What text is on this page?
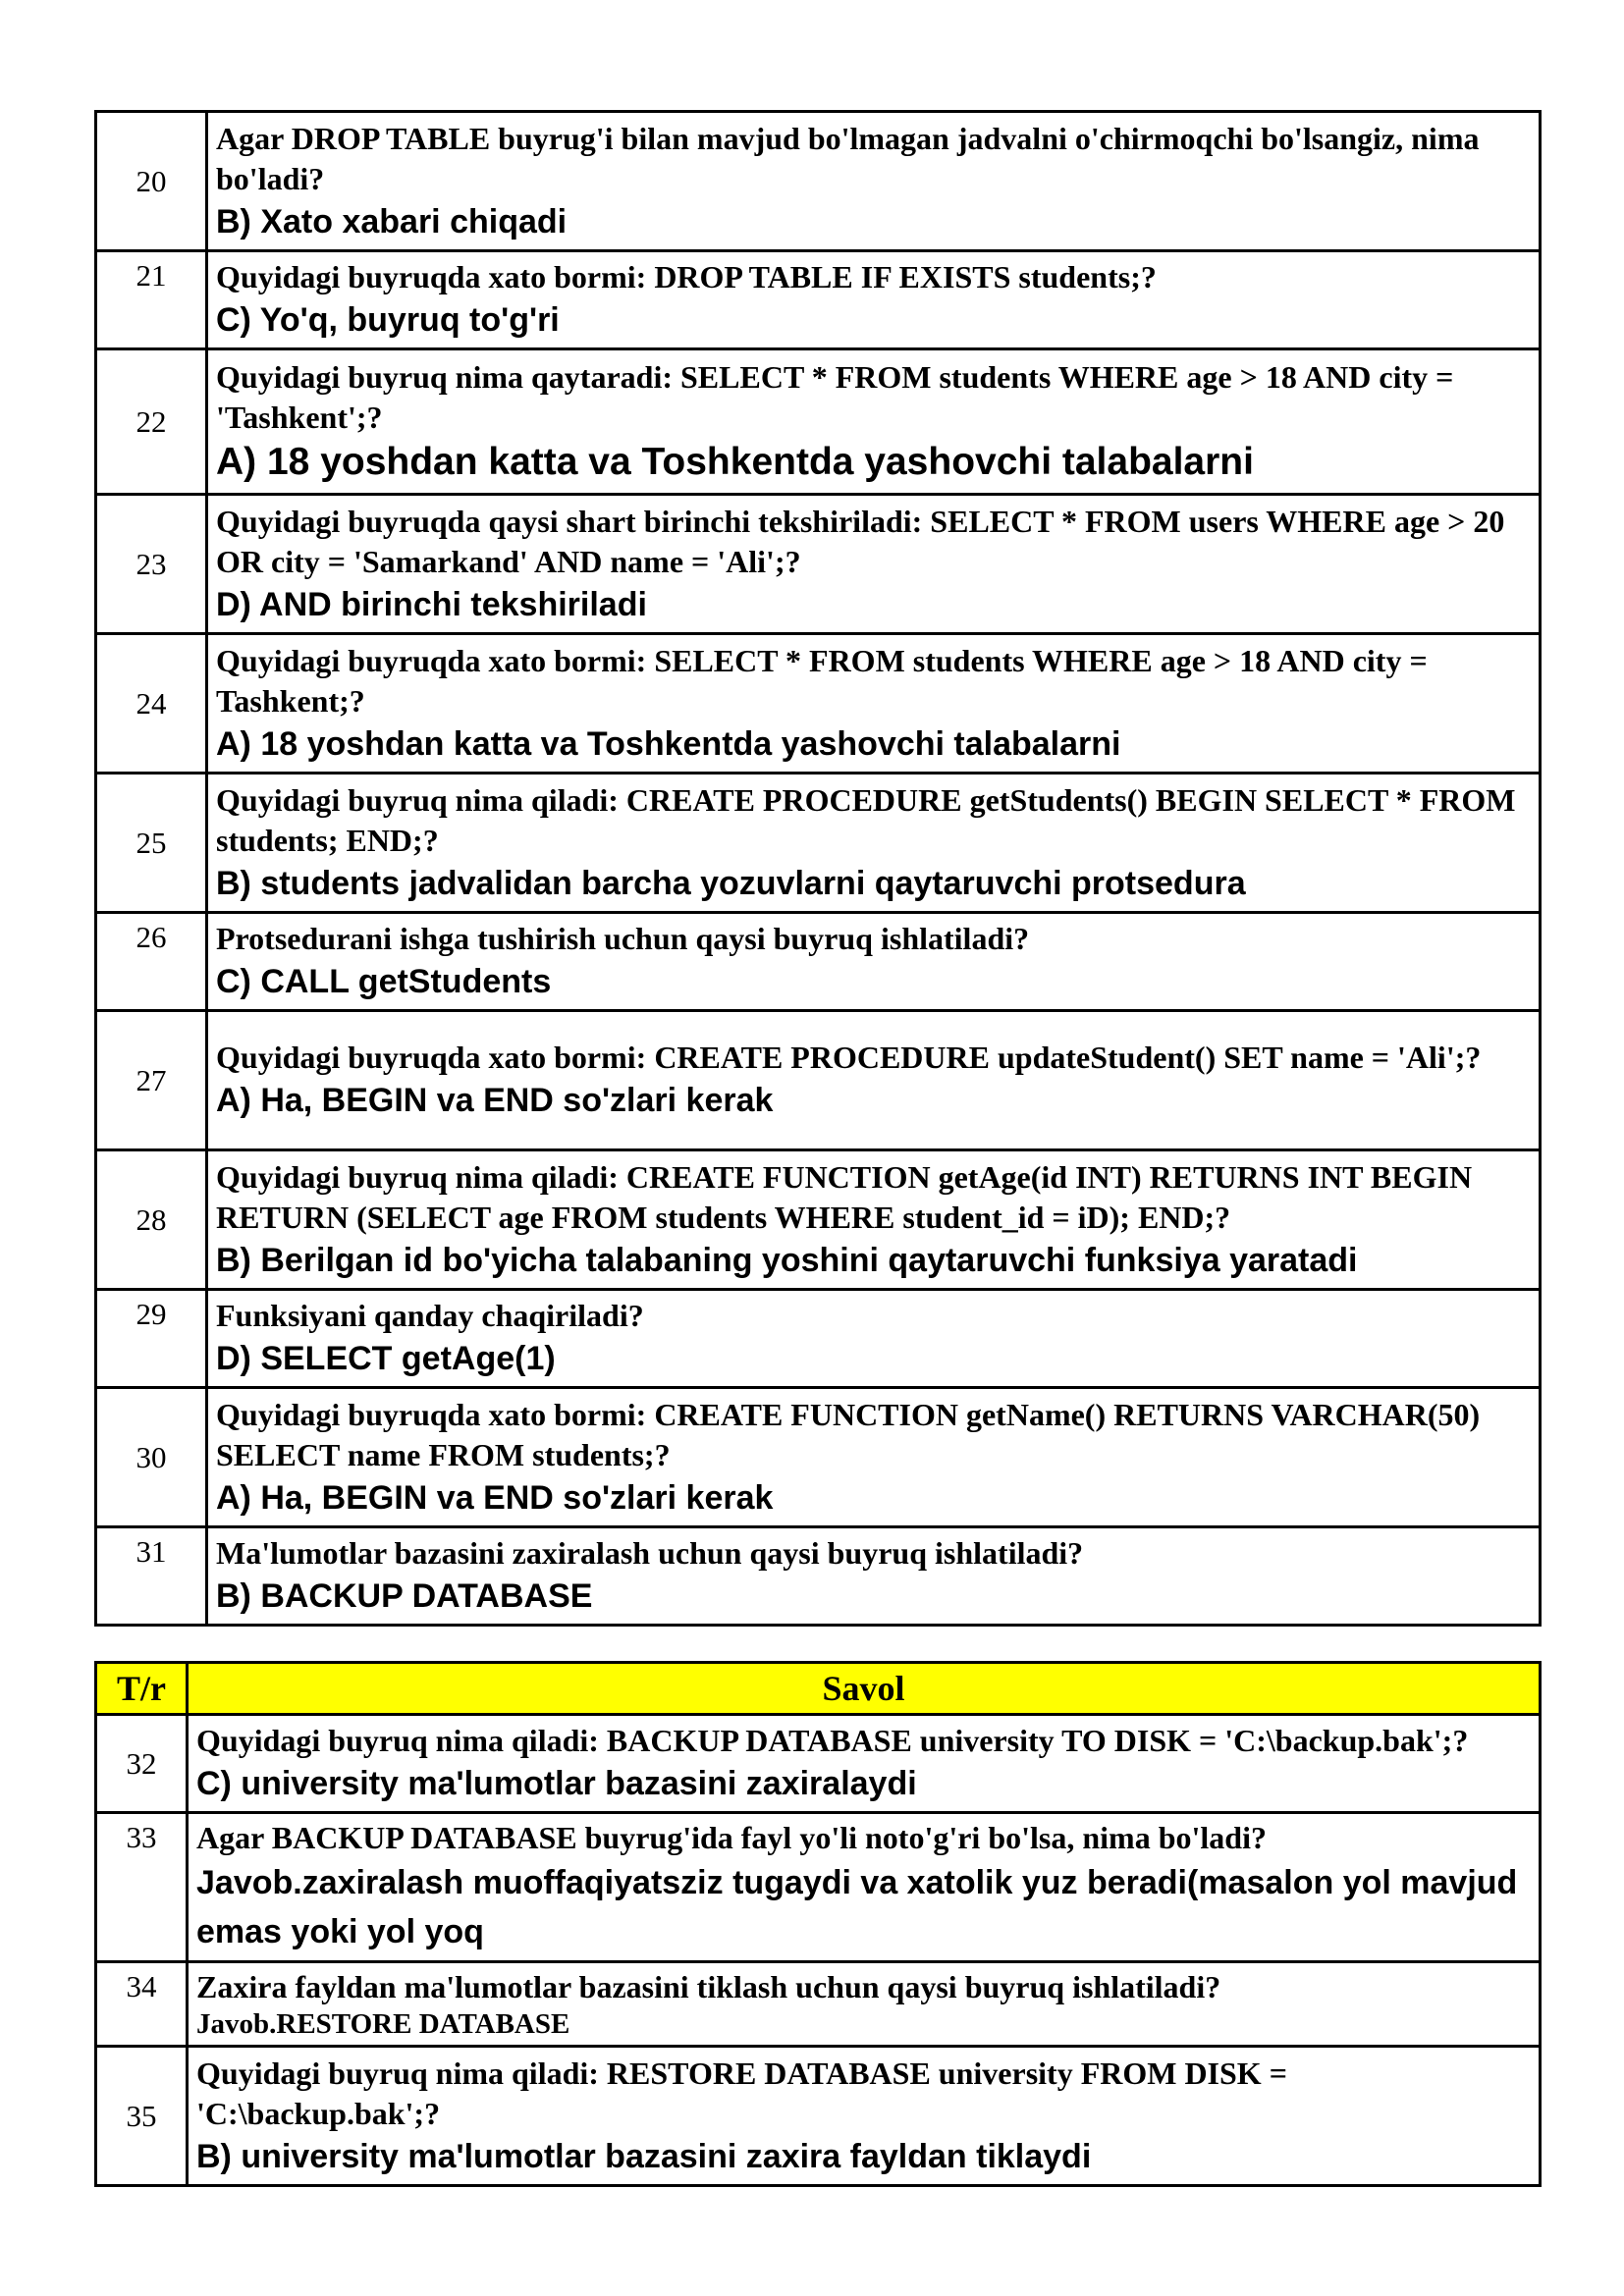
20	Agar DROP TABLE buyrug'i bilan mavjud bo'lmagan jadvalni o'chirmoqchi bo'lsangiz, nima bo'ladi?
B) Xato xabari chiqadi

21	Quyidagi buyruqda xato bormi: DROP TABLE IF EXISTS students;?
C) Yo'q, buyruq to'g'ri

22	Quyidagi buyruq nima qaytaradi: SELECT * FROM students WHERE age > 18 AND city = 'Tashkent';?
A) 18 yoshdan katta va Toshkentda yashovchi talabalarni

23	Quyidagi buyruqda qaysi shart birinchi tekshiriladi: SELECT * FROM users WHERE age > 20 OR city = 'Samarkand' AND name = 'Ali';?
D) AND birinchi tekshiriladi

24	Quyidagi buyruqda xato bormi: SELECT * FROM students WHERE age > 18 AND city = Tashkent;?
A) 18 yoshdan katta va Toshkentda yashovchi talabalarni

25	Quyidagi buyruq nima qiladi: CREATE PROCEDURE getStudents() BEGIN SELECT * FROM students; END;?
B) students jadvalidan barcha yozuvlarni qaytaruvchi protsedura

26	Protsedurani ishga tushirish uchun qaysi buyruq ishlatiladi?
C) CALL getStudents

27	Quyidagi buyruqda xato bormi: CREATE PROCEDURE updateStudent() SET name = 'Ali';?
A) Ha, BEGIN va END so'zlari kerak

28	Quyidagi buyruq nima qiladi: CREATE FUNCTION getAge(id INT) RETURNS INT BEGIN RETURN (SELECT age FROM students WHERE student_id = iD); END;?
B) Berilgan id bo'yicha talabaning yoshini qaytaruvchi funksiya yaratadi

29	Funksiyani qanday chaqiriladi?
D) SELECT getAge(1)

30	Quyidagi buyruqda xato bormi: CREATE FUNCTION getName() RETURNS VARCHAR(50) SELECT name FROM students;?
A) Ha, BEGIN va END so'zlari kerak

31	Ma'lumotlar bazasini zaxiralash uchun qaysi buyruq ishlatiladi?
B) BACKUP DATABASE
T/r	Savol
32	Quyidagi buyruq nima qiladi: BACKUP DATABASE university TO DISK = 'C:\backup.bak';?
C) university ma'lumotlar bazasini zaxiralaydi

33	Agar BACKUP DATABASE buyrug'ida fayl yo'li noto'g'ri bo'lsa, nima bo'ladi?
Javob.zaxiralash muoffaqiyatsziz tugaydi va xatolik yuz beradi(masalon yol mavjud emas yoki yol yoq

34	Zaxira fayldan ma'lumotlar bazasini tiklash uchun qaysi buyruq ishlatiladi?
Javob.RESTORE DATABASE

35	Quyidagi buyruq nima qiladi: RESTORE DATABASE university FROM DISK = 'C:\backup.bak';?
B) university ma'lumotlar bazasini zaxira fayldan tiklaydi
